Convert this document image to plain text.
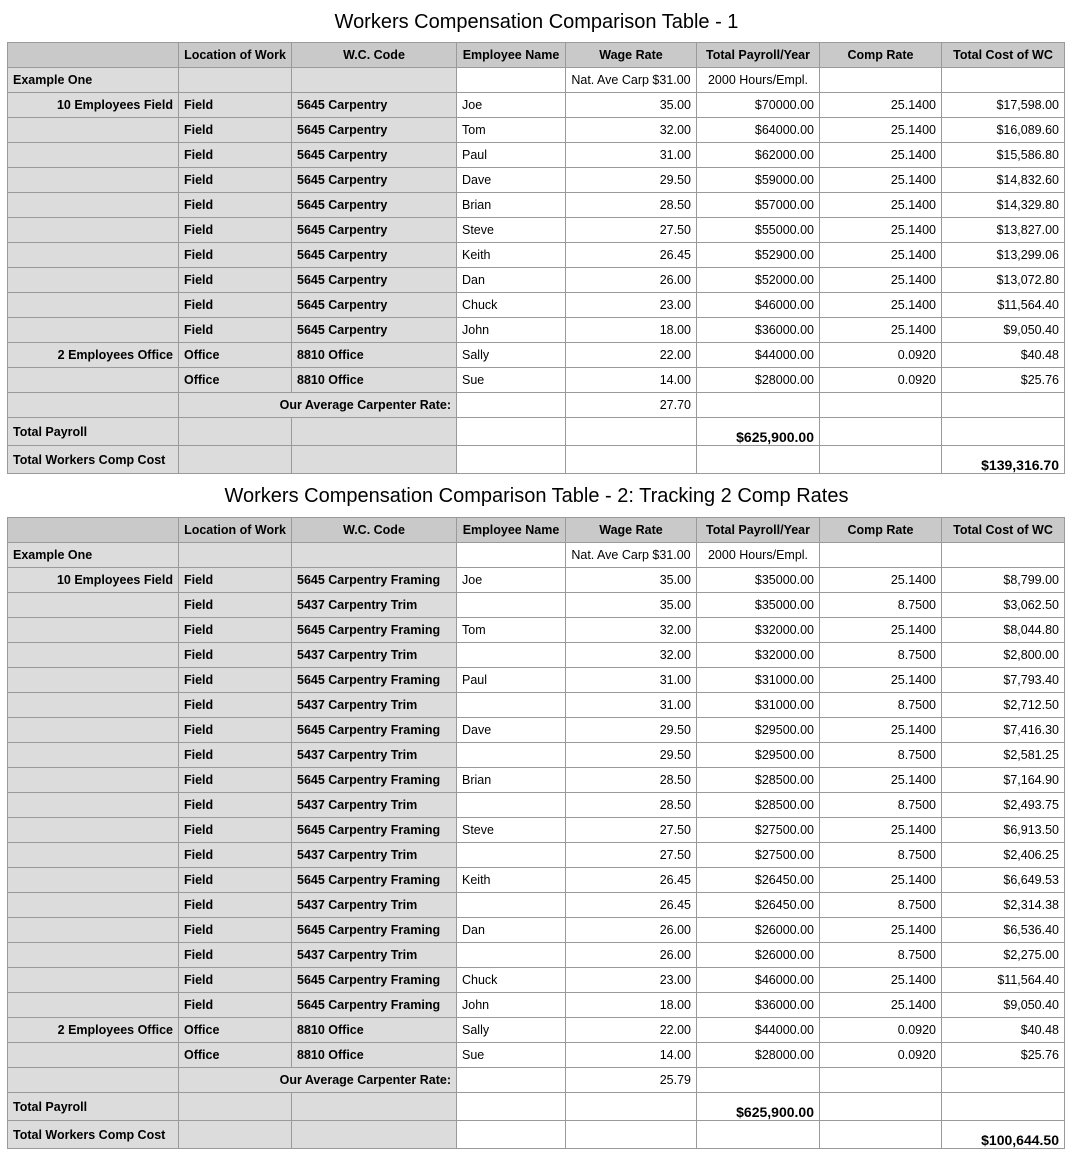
Workers Compensation Comparison Table - 1
	Location of Work	W.C. Code	Employee Name	Wage Rate	Total Payroll/Year	Comp Rate	Total Cost of WC
Example One				Nat. Ave Carp $31.00	2000 Hours/Empl.		
10 Employees Field	Field	5645 Carpentry	Joe	35.00	$70000.00	25.1400	$17,598.00
	Field	5645 Carpentry	Tom	32.00	$64000.00	25.1400	$16,089.60
	Field	5645 Carpentry	Paul	31.00	$62000.00	25.1400	$15,586.80
	Field	5645 Carpentry	Dave	29.50	$59000.00	25.1400	$14,832.60
	Field	5645 Carpentry	Brian	28.50	$57000.00	25.1400	$14,329.80
	Field	5645 Carpentry	Steve	27.50	$55000.00	25.1400	$13,827.00
	Field	5645 Carpentry	Keith	26.45	$52900.00	25.1400	$13,299.06
	Field	5645 Carpentry	Dan	26.00	$52000.00	25.1400	$13,072.80
	Field	5645 Carpentry	Chuck	23.00	$46000.00	25.1400	$11,564.40
	Field	5645 Carpentry	John	18.00	$36000.00	25.1400	$9,050.40
2 Employees Office	Office	8810 Office	Sally	22.00	$44000.00	0.0920	$40.48
	Office	8810 Office	Sue	14.00	$28000.00	0.0920	$25.76
	Our Average Carpenter Rate:			27.70			
Total Payroll					$625,900.00		
Total Workers Comp Cost							$139,316.70
Workers Compensation Comparison Table - 2: Tracking 2 Comp Rates
	Location of Work	W.C. Code	Employee Name	Wage Rate	Total Payroll/Year	Comp Rate	Total Cost of WC
Example One				Nat. Ave Carp $31.00	2000 Hours/Empl.		
10 Employees Field	Field	5645 Carpentry Framing	Joe	35.00	$35000.00	25.1400	$8,799.00
	Field	5437 Carpentry Trim		35.00	$35000.00	8.7500	$3,062.50
	Field	5645 Carpentry Framing	Tom	32.00	$32000.00	25.1400	$8,044.80
	Field	5437 Carpentry Trim		32.00	$32000.00	8.7500	$2,800.00
	Field	5645 Carpentry Framing	Paul	31.00	$31000.00	25.1400	$7,793.40
	Field	5437 Carpentry Trim		31.00	$31000.00	8.7500	$2,712.50
	Field	5645 Carpentry Framing	Dave	29.50	$29500.00	25.1400	$7,416.30
	Field	5437 Carpentry Trim		29.50	$29500.00	8.7500	$2,581.25
	Field	5645 Carpentry Framing	Brian	28.50	$28500.00	25.1400	$7,164.90
	Field	5437 Carpentry Trim		28.50	$28500.00	8.7500	$2,493.75
	Field	5645 Carpentry Framing	Steve	27.50	$27500.00	25.1400	$6,913.50
	Field	5437 Carpentry Trim		27.50	$27500.00	8.7500	$2,406.25
	Field	5645 Carpentry Framing	Keith	26.45	$26450.00	25.1400	$6,649.53
	Field	5437 Carpentry Trim		26.45	$26450.00	8.7500	$2,314.38
	Field	5645 Carpentry Framing	Dan	26.00	$26000.00	25.1400	$6,536.40
	Field	5437 Carpentry Trim		26.00	$26000.00	8.7500	$2,275.00
	Field	5645 Carpentry Framing	Chuck	23.00	$46000.00	25.1400	$11,564.40
	Field	5645 Carpentry Framing	John	18.00	$36000.00	25.1400	$9,050.40
2 Employees Office	Office	8810 Office	Sally	22.00	$44000.00	0.0920	$40.48
	Office	8810 Office	Sue	14.00	$28000.00	0.0920	$25.76
	Our Average Carpenter Rate:			25.79			
Total Payroll					$625,900.00		
Total Workers Comp Cost							$100,644.50
